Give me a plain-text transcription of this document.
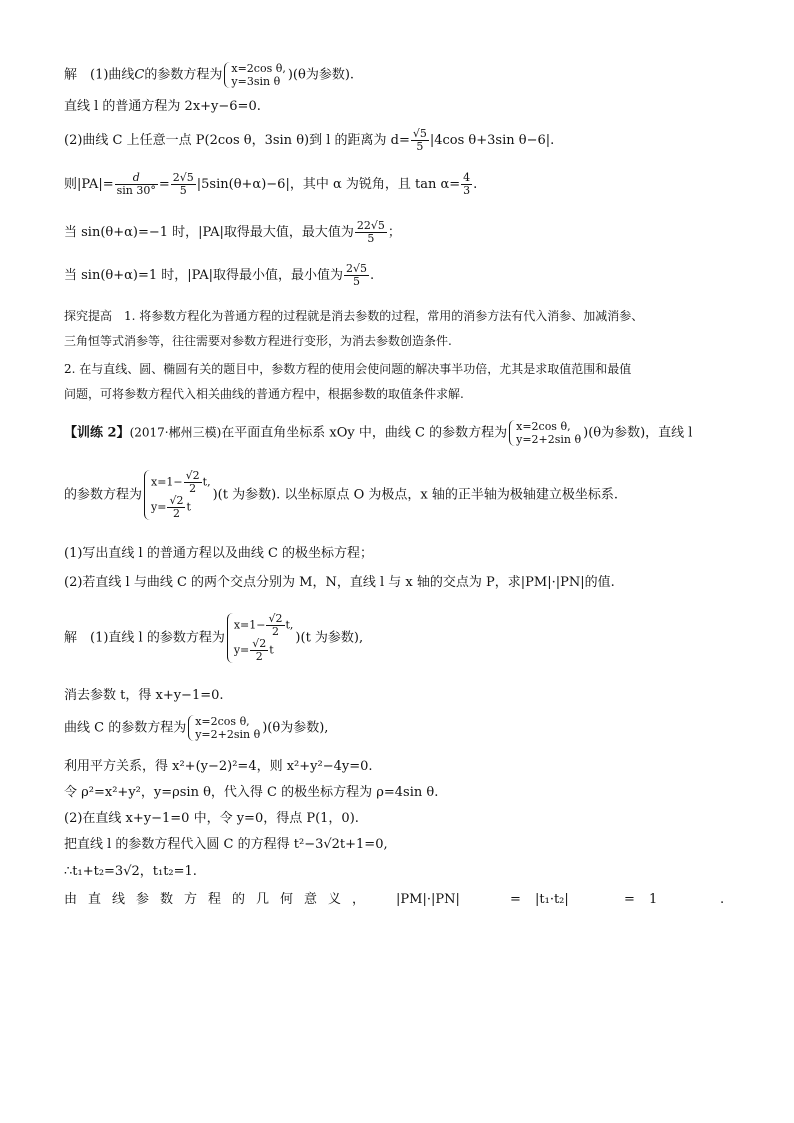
解　(1)曲线C的参数方程为 x=2cos θ,
y=3sin θ )(θ为参数).
直线 l 的普通方程为 2x+y−6=0.
(2)曲线 C 上任意一点 P(2cos θ，3sin θ)到 l 的距离为 $d= \frac{√5}{5} |4\cos$ θ+3sin θ−6|.
则$|PA|= \frac{d}{\sin 30^\circ} = \frac{2√5}{5} |5\sin(\theta+\alpha)-6|$，其中 α 为锐角，且 $\tan \alpha= \frac{4}{3}$ .
当 sin(θ+α)=−1 时，|PA|取得最大值，最大值为 $\frac{22√5}{5}$ ；
当 sin(θ+α)=1 时，|PA|取得最小值，最小值为 $\frac{2√5}{5}$ .
探究提高　1. 将参数方程化为普通方程的过程就是消去参数的过程，常用的消参方法有代入消参、加减消参、
三角恒等式消参等，往往需要对参数方程进行变形，为消去参数创造条件.
2. 在与直线、圆、椭圆有关的题目中，参数方程的使用会使问题的解决事半功倍，尤其是求取值范围和最值
问题，可将参数方程代入相关曲线的普通方程中，根据参数的取值条件求解.
【训练 2】(2017·郴州三模)在平面直角坐标系 xOy 中，曲线 C 的参数方程为 x=2cos θ,
y=2+2sin θ )(θ为参数)，直线 l
的参数方程为
$x=1- \frac{√2}{2} t$,
$y= \frac{√2}{2}$ t
)(t 为参数). 以坐标原点 O 为极点，x 轴的正半轴为极轴建立极坐标系.
(1)写出直线 l 的普通方程以及曲线 C 的极坐标方程；
(2)若直线 l 与曲线 C 的两个交点分别为 M，N，直线 l 与 x 轴的交点为 P，求|PM|·|PN|的值.
解　(1)直线 l 的参数方程为
$x=1- \frac{√2}{2} t$,
$y= \frac{√2}{2}$ t
)(t 为参数),
消去参数 t，得 x+y−1=0.
曲线 C 的参数方程为 x=2cos θ,
y=2+2sin θ )(θ为参数),
利用平方关系，得 x²+(y−2)²=4，则 x²+y²−4y=0.
令 ρ²=x²+y²，y=ρsin θ，代入得 C 的极坐标方程为 ρ=4sin θ.
(2)在直线 x+y−1=0 中，令 y=0，得点 P(1，0).
把直线 l 的参数方程代入圆 C 的方程得 t²−3√2t+1=0,
∴t₁+t₂=3√2，t₁t₂=1.
由直线参数方程的几何意义， |PM|·|PN|	= |t₁·t₂|	= 1	.
